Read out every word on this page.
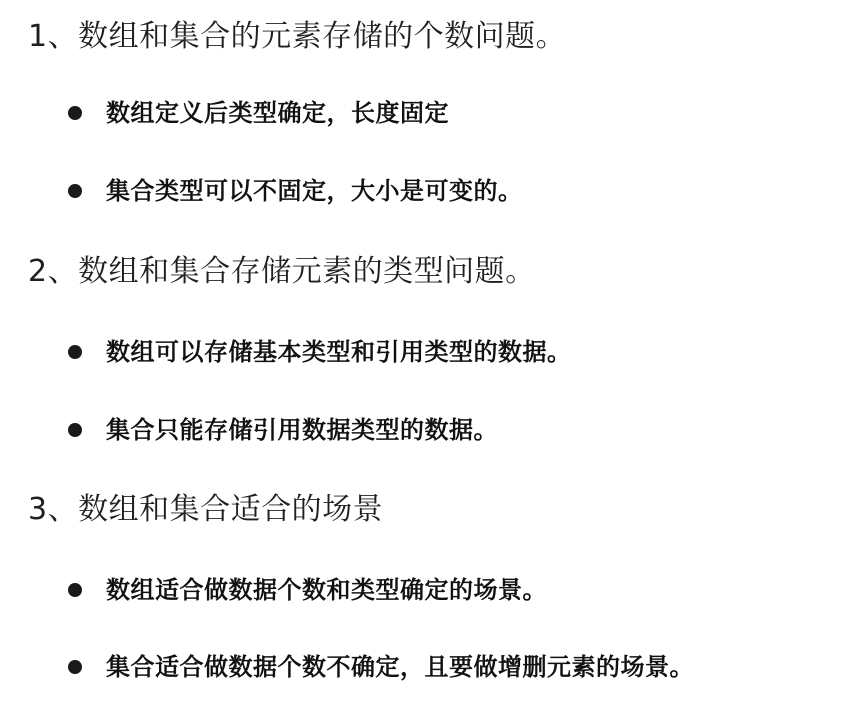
1、数组和集合的元素存储的个数问题。
数组定义后类型确定，长度固定
集合类型可以不固定，大小是可变的。
2、数组和集合存储元素的类型问题。
数组可以存储基本类型和引用类型的数据。
集合只能存储引用数据类型的数据。
3、数组和集合适合的场景
数组适合做数据个数和类型确定的场景。
集合适合做数据个数不确定，且要做增删元素的场景。
